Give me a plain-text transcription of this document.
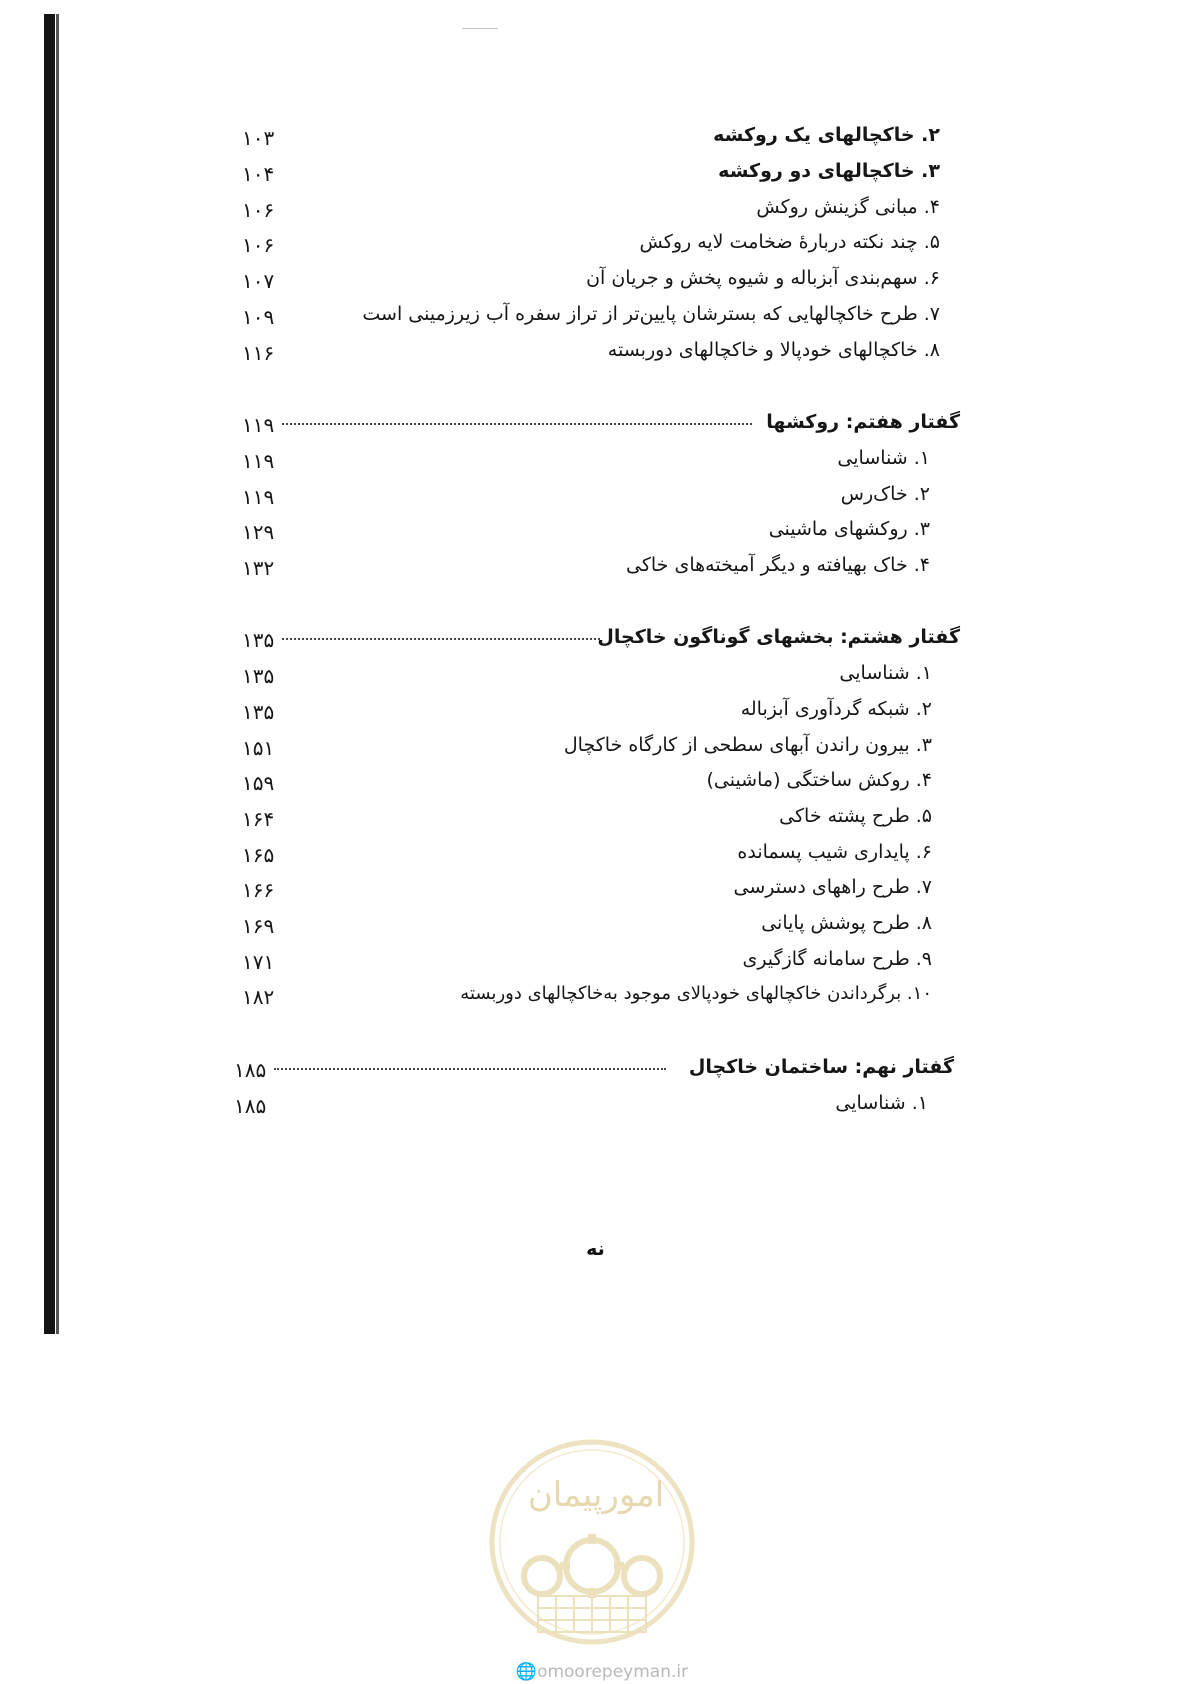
۱۰۳	۲. خاکچالهای یک روکشه
۱۰۴	۳. خاکچالهای دو روکشه
۱۰۶	۴. مبانی گزینش روکش
۱۰۶	۵. چند نکته دربارهٔ ضخامت لایه روکش
۱۰۷	۶. سهم‌بندی آبزباله و شیوه پخش و جریان آن
۱۰۹	۷. طرح خاکچالهایی که بسترشان پایین‌تر از تراز سفره آب زیرزمینی است
۱۱۶	۸. خاکچالهای خودپالا و خاکچالهای دوربسته
۱۱۹	گفتار هفتم: روکشها
۱۱۹	۱. شناسایی
۱۱۹	۲. خاک‌رس
۱۲۹	۳. روکشهای ماشینی
۱۳۲	۴. خاک بهیافته و دیگر آمیخته‌های خاکی
۱۳۵	گفتار هشتم: بخشهای گوناگون خاکچال
۱۳۵	۱. شناسایی
۱۳۵	۲. شبکه گردآوری آبزباله
۱۵۱	۳. بیرون راندن آبهای سطحی از کارگاه خاکچال
۱۵۹	۴. روکش ساختگی (ماشینی)
۱۶۴	۵. طرح پشته خاکی
۱۶۵	۶. پایداری شیب پسمانده
۱۶۶	۷. طرح راههای دسترسی
۱۶۹	۸. طرح پوشش پایانی
۱۷۱	۹. طرح سامانه گازگیری
۱۸۲	۱۰. برگرداندن خاکچالهای خودپالای موجود به‌خاکچالهای دوربسته
۱۸۵	گفتار نهم: ساختمان خاکچال
۱۸۵	۱. شناسایی
نه
امورپیمان
🌐omoorepeyman.ir
